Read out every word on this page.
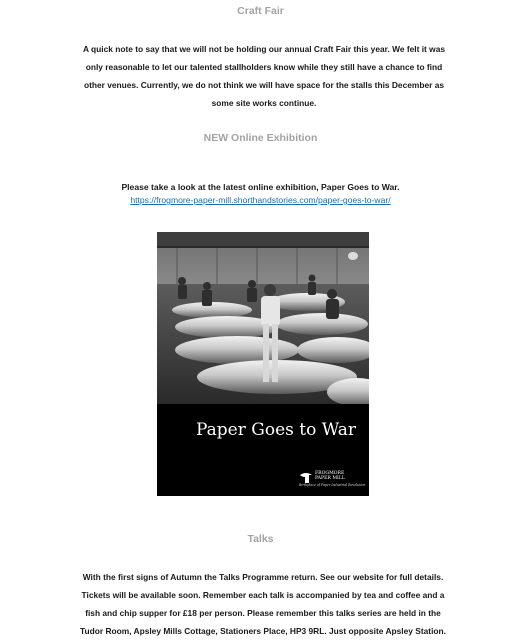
Craft Fair
A quick note to say that we will not be holding our annual Craft Fair this year. We felt it was only reasonable to let our talented stallholders know while they still have a chance to find other venues. Currently, we do not think we will have space for the stalls this December as some site works continue.
NEW Online Exhibition
Please take a look at the latest online exhibition, Paper Goes to War.
https://frogmore-paper-mill.shorthandstories.com/paper-goes-to-war/
Paper Goes to War
FROGMORE
PAPER MILL
Birthplace of Paper Industrial Revolution
Talks
With the first signs of Autumn the Talks Programme return. See our website for full details. Tickets will be available soon. Remember each talk is accompanied by tea and coffee and a fish and chip supper for £18 per person. Please remember this talks series are held in the Tudor Room, Apsley Mills Cottage, Stationers Place, HP3 9RL. Just opposite Apsley Station.
